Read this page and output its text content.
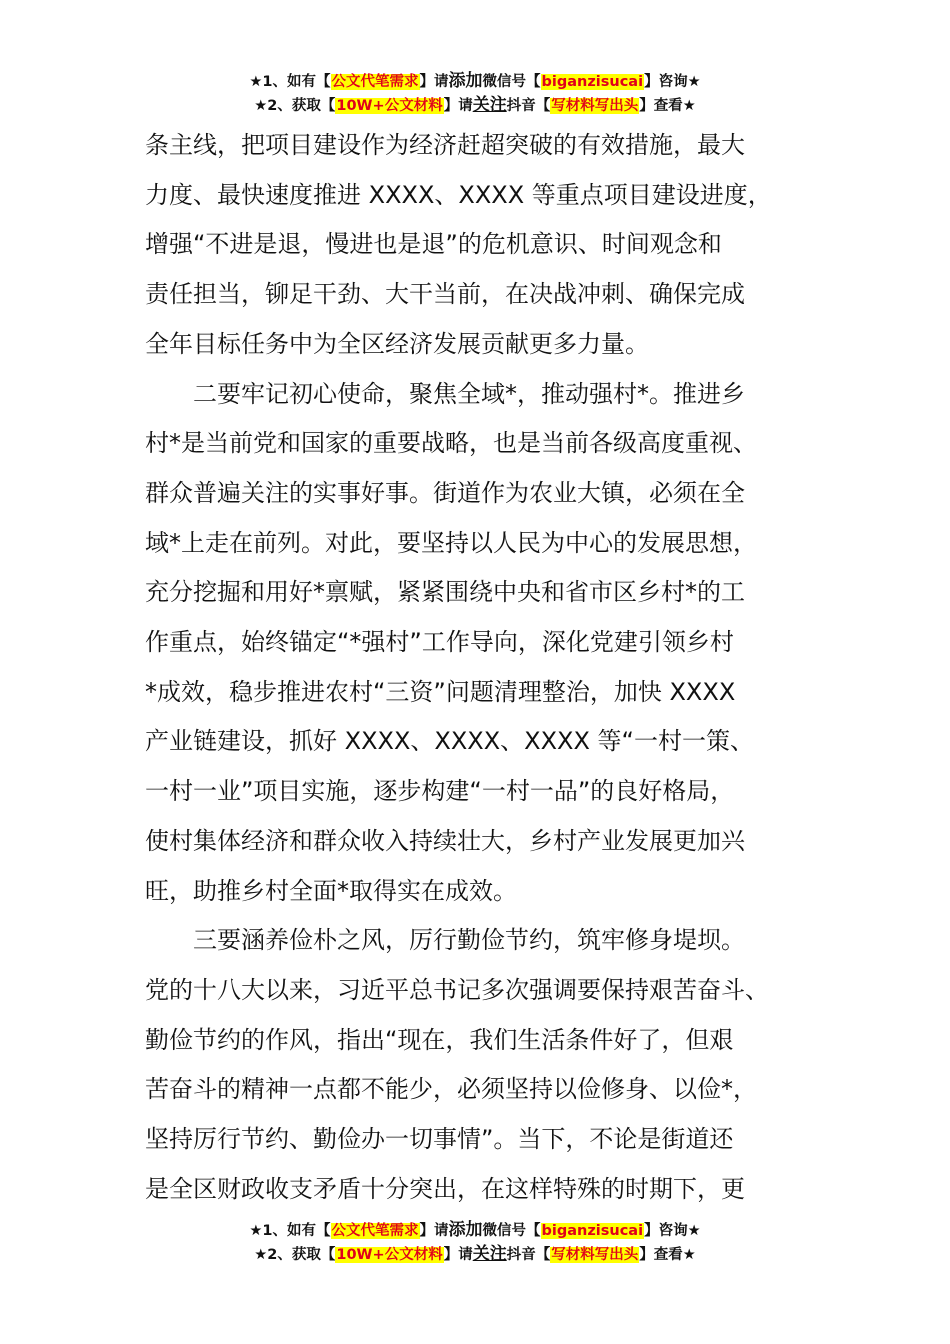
★1、如有【公文代笔需求】请添加微信号【biganzisucai】咨询★
★2、获取【10W+公文材料】请关注抖音【写材料写出头】查看★

条主线，把项目建设作为经济赶超突破的有效措施，最大

力度、最快速度推进 XXXX、XXXX 等重点项目建设进度，

增强“不进是退，慢进也是退”的危机意识、时间观念和

责任担当，铆足干劲、大干当前，在决战冲刺、确保完成

全年目标任务中为全区经济发展贡献更多力量。

二要牢记初心使命，聚焦全域*，推动强村*。推进乡

村*是当前党和国家的重要战略，也是当前各级高度重视、

群众普遍关注的实事好事。街道作为农业大镇，必须在全

域*上走在前列。对此，要坚持以人民为中心的发展思想，

充分挖掘和用好*禀赋，紧紧围绕中央和省市区乡村*的工

作重点，始终锚定“*强村”工作导向，深化党建引领乡村

*成效，稳步推进农村“三资”问题清理整治，加快 XXXX

产业链建设，抓好 XXXX、XXXX、XXXX 等“一村一策、

一村一业”项目实施，逐步构建“一村一品”的良好格局，

使村集体经济和群众收入持续壮大，乡村产业发展更加兴

旺，助推乡村全面*取得实在成效。

三要涵养俭朴之风，厉行勤俭节约，筑牢修身堤坝。

党的十八大以来，习近平总书记多次强调要保持艰苦奋斗、

勤俭节约的作风，指出“现在，我们生活条件好了，但艰

苦奋斗的精神一点都不能少，必须坚持以俭修身、以俭*，

坚持厉行节约、勤俭办一切事情”。当下，不论是街道还

是全区财政收支矛盾十分突出，在这样特殊的时期下，更

★1、如有【公文代笔需求】请添加微信号【biganzisucai】咨询★
★2、获取【10W+公文材料】请关注抖音【写材料写出头】查看★
